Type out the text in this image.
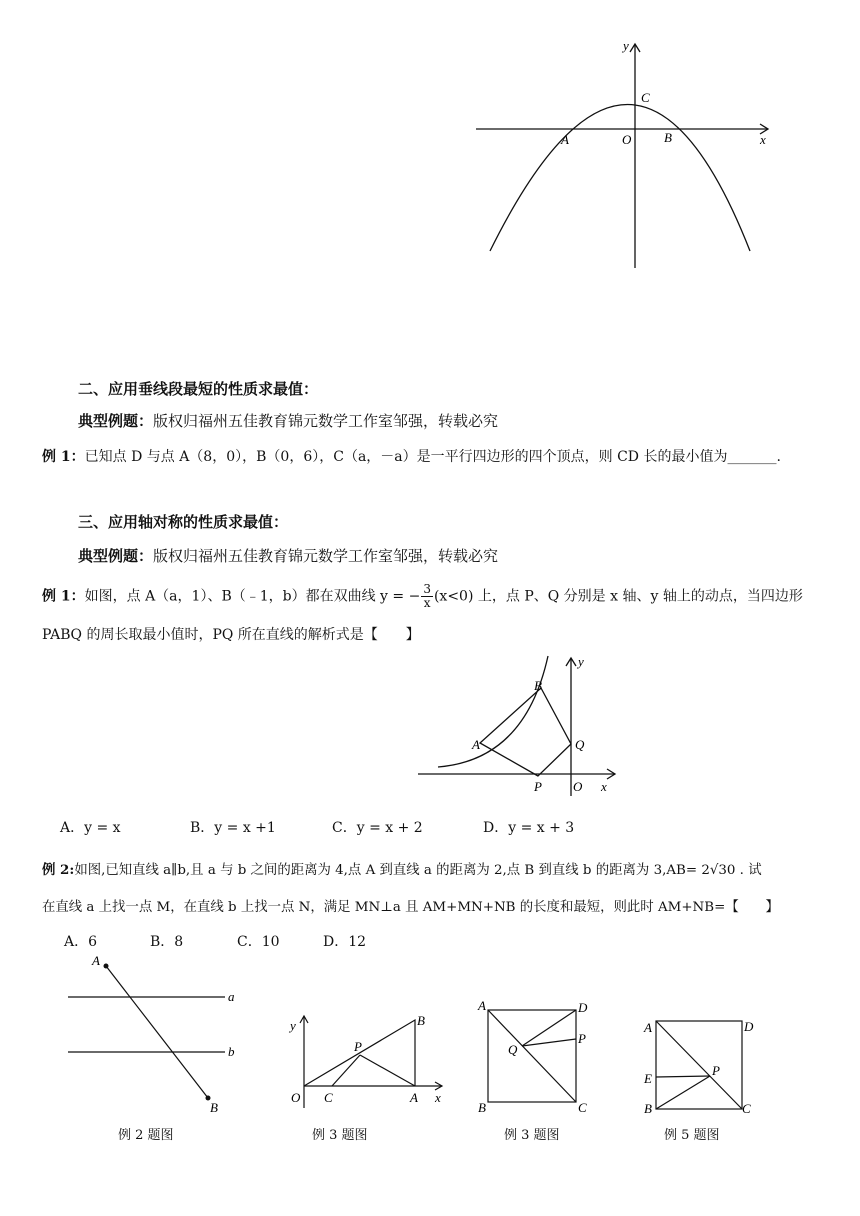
y
C
A	O	B	x
二、应用垂线段最短的性质求最值：
典型例题：版权归福州五佳教育锦元数学工作室邹强，转载必究
例 1：已知点 D 与点 A（8，0），B（0，6），C（a，－a）是一平行四边形的四个顶点，则 CD 长的最小值为_______.
三、应用轴对称的性质求最值：
典型例题：版权归福州五佳教育锦元数学工作室邹强，转载必究
例 1：如图，点 A（a，1）、B（﹣1，b）都在双曲线 y = − $\frac{3}{x} (x<0)$ 上，点 P、Q 分别是 x 轴、y 轴上的动点，当四边形
PABQ 的周长取最小值时，PQ 所在直线的解析式是【　　】
B
y
A	Q
P O x
A．y = x	B．y = x +1	C．y = x + 2	D．y = x + 3
例 2:如图,已知直线 a∥b,且 a 与 b 之间的距离为 4,点 A 到直线 a 的距离为 2,点 B 到直线 b 的距离为 3,AB= 2√30 . 试
在直线 a 上找一点 M，在直线 b 上找一点 N，满足 MN⊥a 且 AM+MN+NB 的长度和最短，则此时 AM+NB=【　　】
A．6	B．8	C．10	D．12
A
a
b
B
y	B
P
O C	A x
A	D
Q
P
B	C
A	D
E
P
B	C
例 2 题图	例 3 题图	例 3 题图	例 5 题图
